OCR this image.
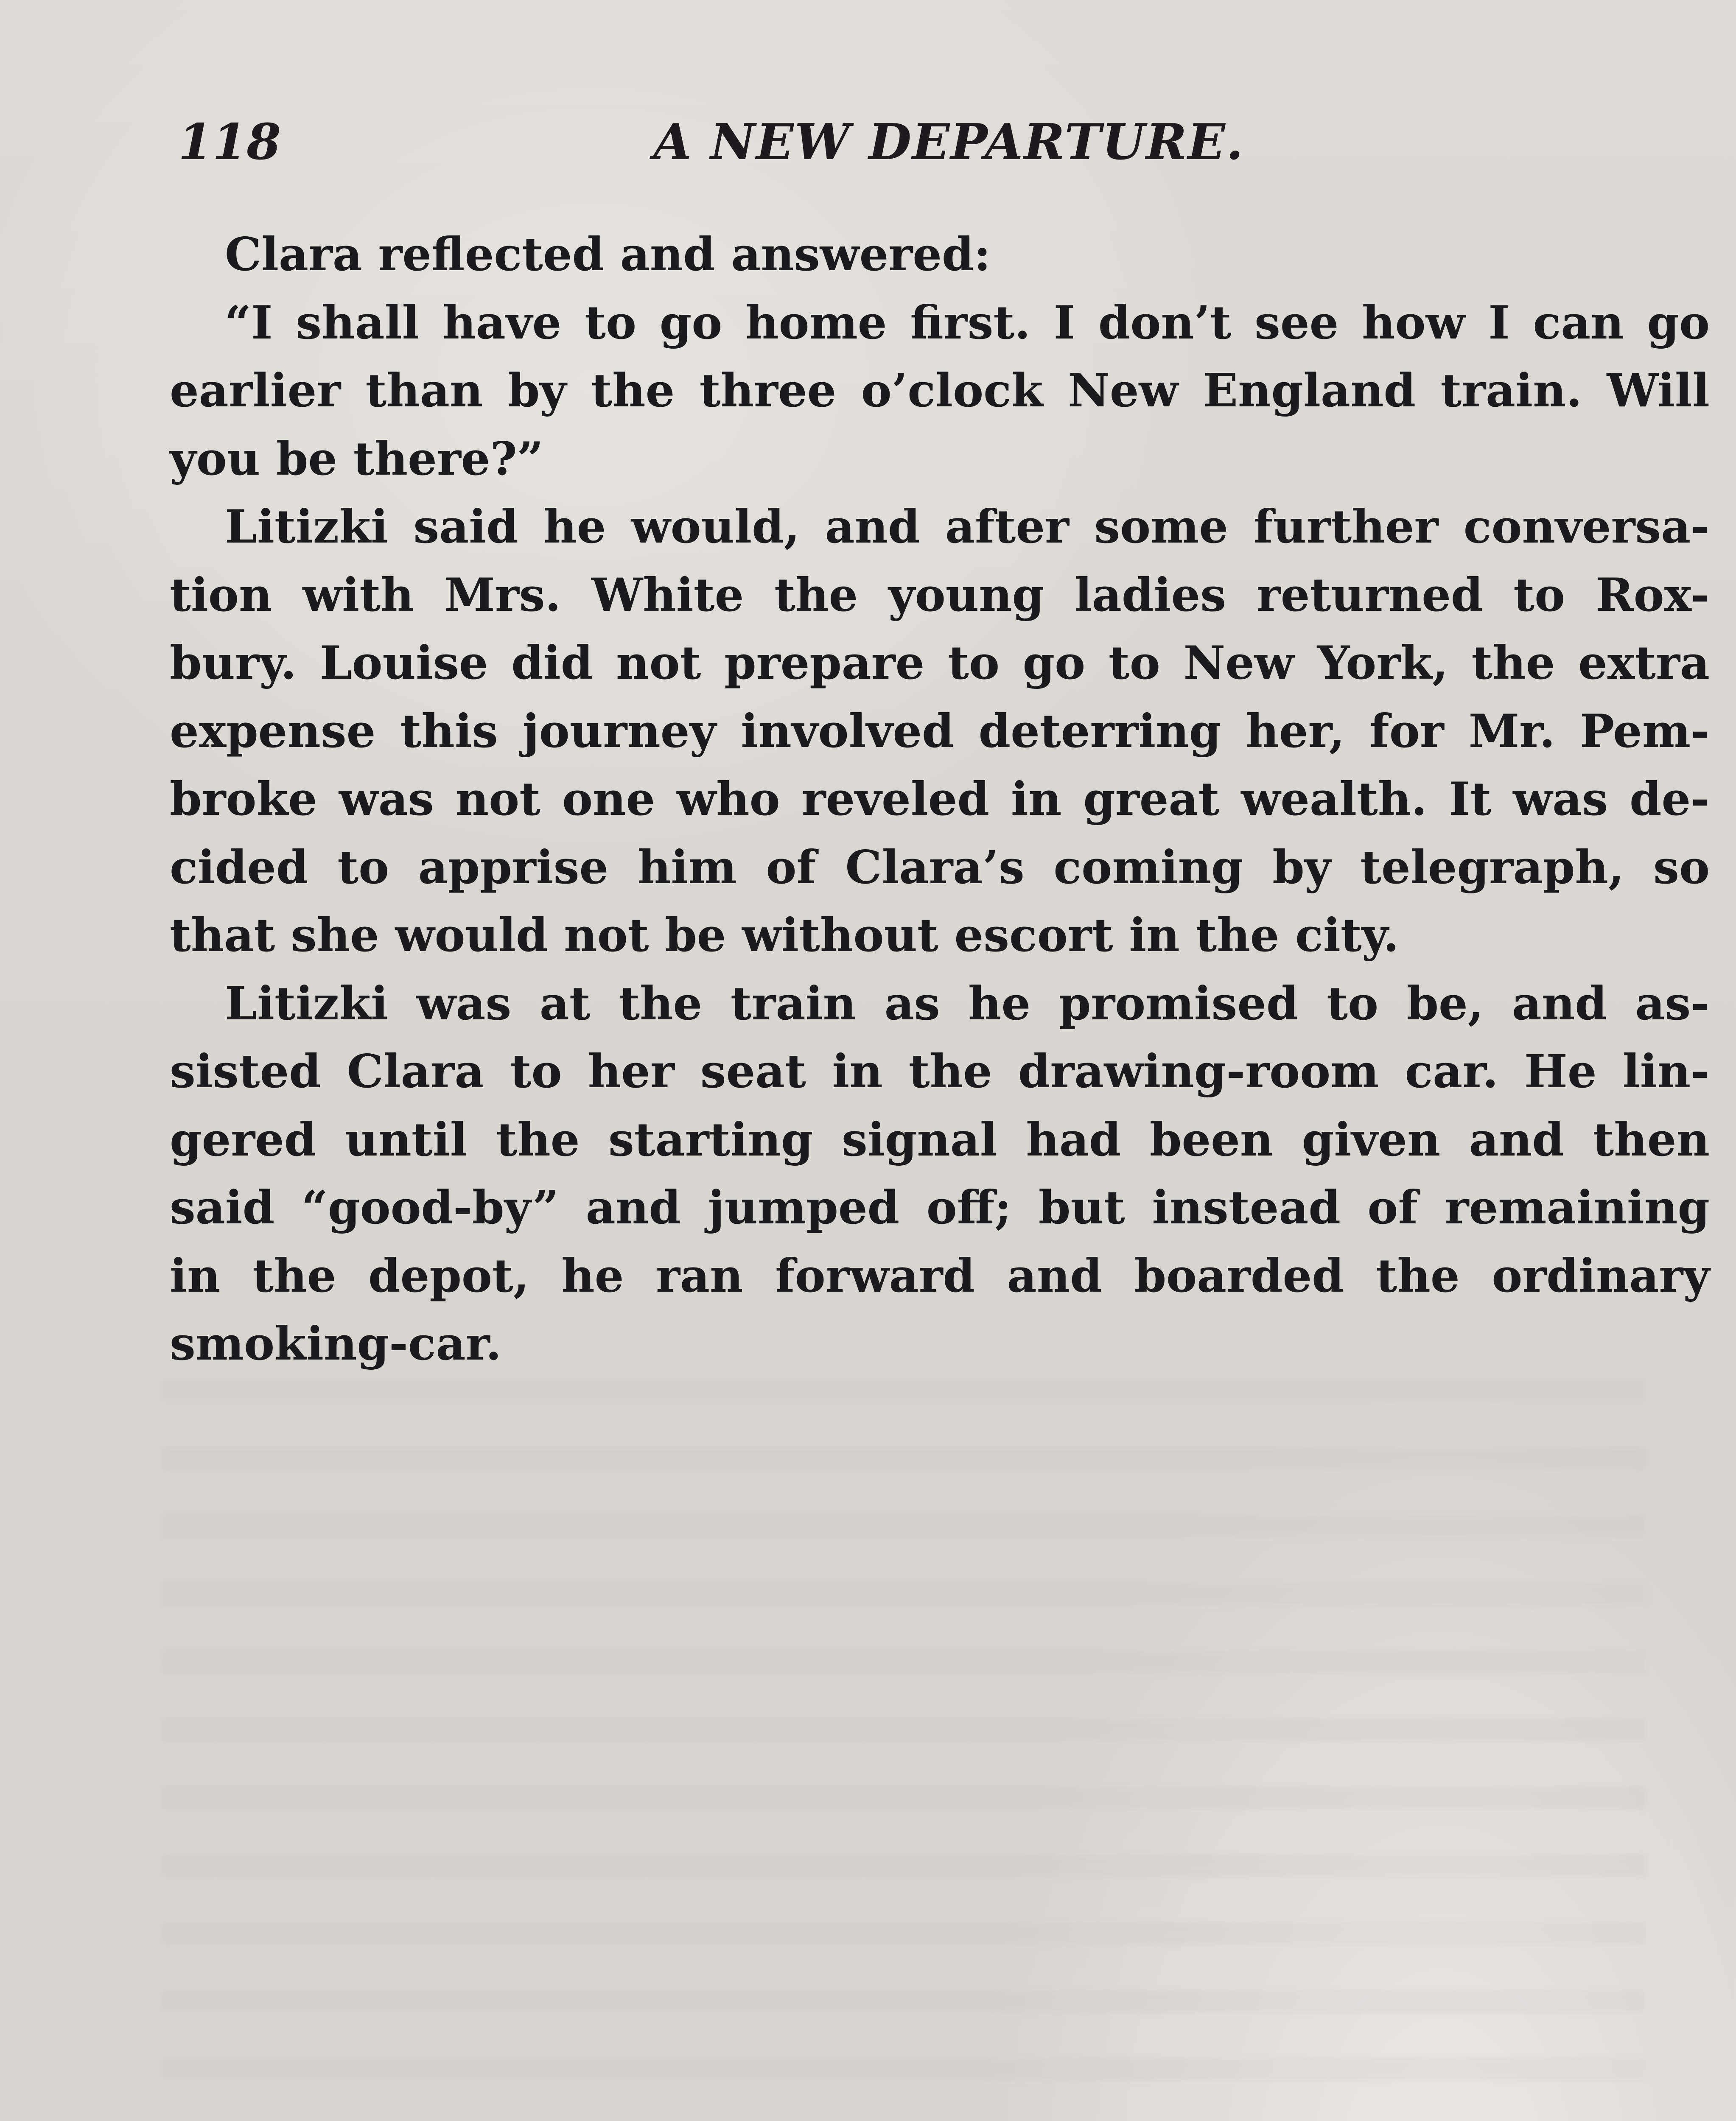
118	A NEW DEPARTURE.
Clara reflected and answered:
“I shall have to go home first. I don’t see how I can go
earlier than by the three o’clock New England train. Will
you be there?”
Litizki said he would, and after some further conversa-
tion with Mrs. White the young ladies returned to Rox-
bury. Louise did not prepare to go to New York, the extra
expense this journey involved deterring her, for Mr. Pem-
broke was not one who reveled in great wealth. It was de-
cided to apprise him of Clara’s coming by telegraph, so
that she would not be without escort in the city.
Litizki was at the train as he promised to be, and as-
sisted Clara to her seat in the drawing-room car. He lin-
gered until the starting signal had been given and then
said “good-by” and jumped off; but instead of remaining
in the depot, he ran forward and boarded the ordinary
smoking-car.
